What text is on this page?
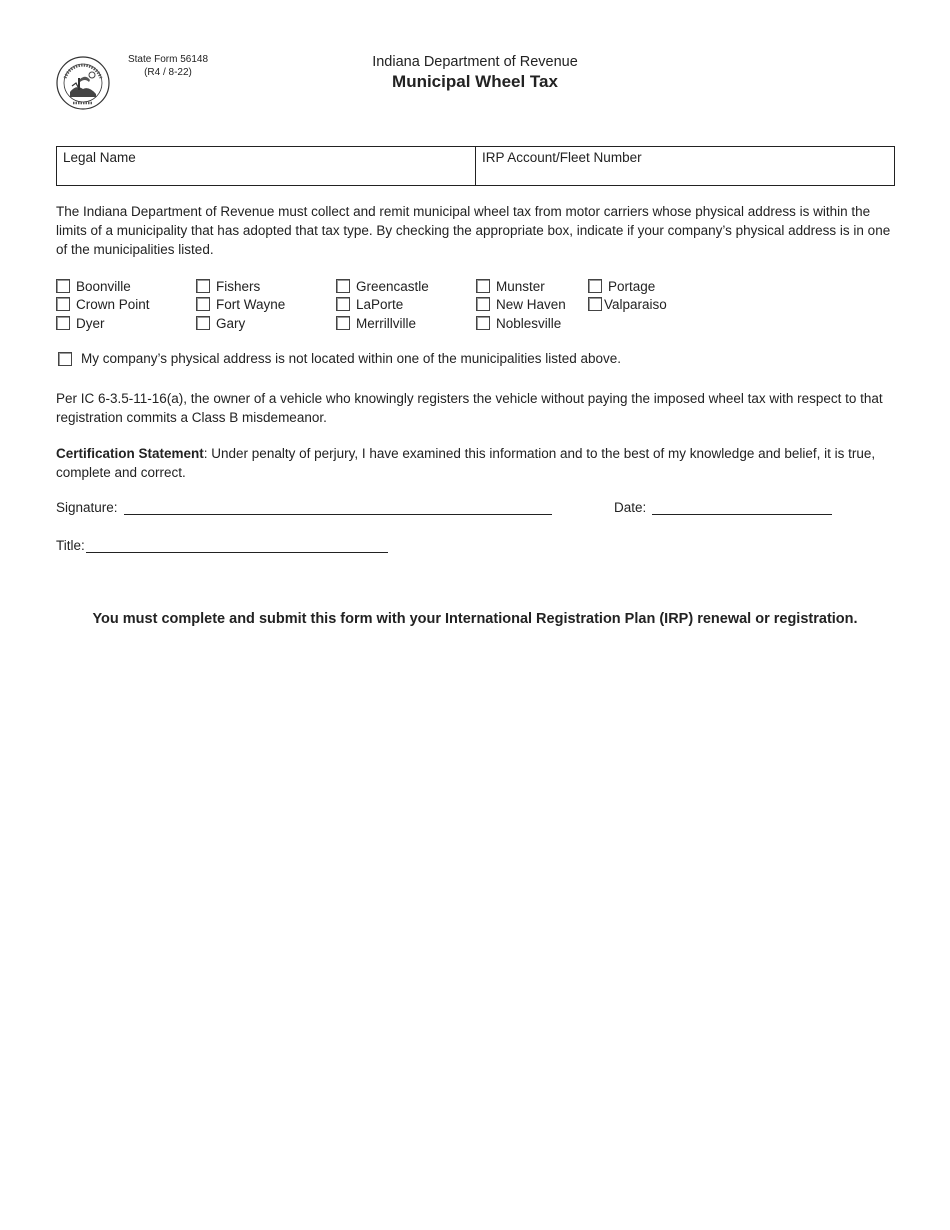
State Form 56148
(R4 / 8-22)
Indiana Department of Revenue
Municipal Wheel Tax
Legal Name	IRP Account/Fleet Number
The Indiana Department of Revenue must collect and remit municipal wheel tax from motor carriers whose physical address is within the limits of a municipality that has adopted that tax type. By checking the appropriate box, indicate if your company’s physical address is in one of the municipalities listed.
Boonville
Crown Point
Dyer
Fishers
Fort Wayne
Gary
Greencastle
LaPorte
Merrillville
Munster
New Haven
Noblesville
Portage
Valparaiso
My company’s physical address is not located within one of the municipalities listed above.
Per IC 6-3.5-11-16(a), the owner of a vehicle who knowingly registers the vehicle without paying the imposed wheel tax with respect to that registration commits a Class B misdemeanor.
Certification Statement: Under penalty of perjury, I have examined this information and to the best of my knowledge and belief, it is true, complete and correct.
Signature:	Date:
Title:
You must complete and submit this form with your International Registration Plan (IRP) renewal or registration.
